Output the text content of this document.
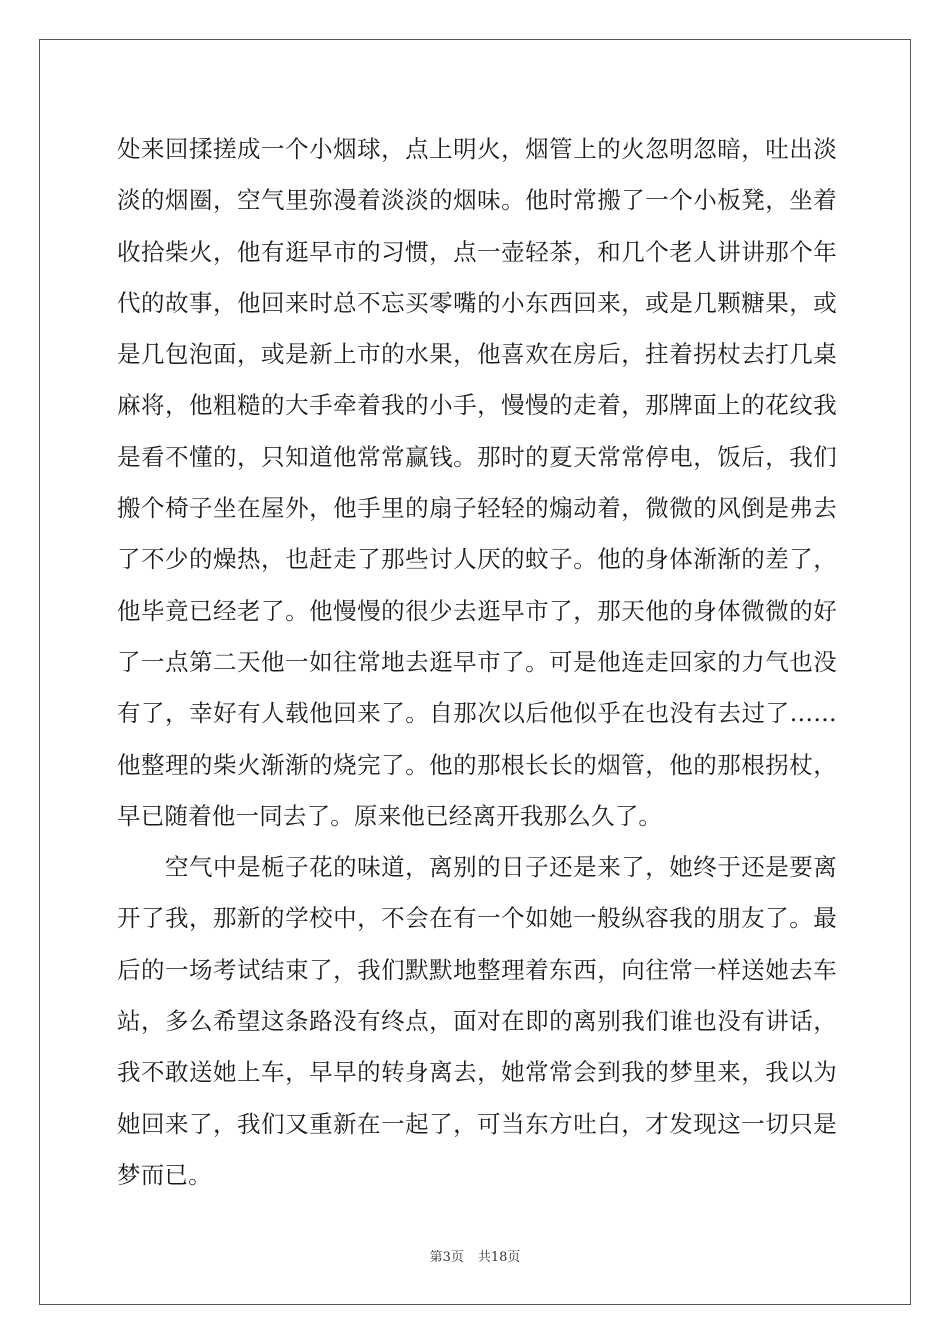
处来回揉搓成一个小烟球，点上明火，烟管上的火忽明忽暗，吐出淡
淡的烟圈，空气里弥漫着淡淡的烟味。他时常搬了一个小板凳，坐着
收拾柴火，他有逛早市的习惯，点一壶轻茶，和几个老人讲讲那个年
代的故事，他回来时总不忘买零嘴的小东西回来，或是几颗糖果，或
是几包泡面，或是新上市的水果，他喜欢在房后，拄着拐杖去打几桌
麻将，他粗糙的大手牵着我的小手，慢慢的走着，那牌面上的花纹我
是看不懂的，只知道他常常赢钱。那时的夏天常常停电，饭后，我们
搬个椅子坐在屋外，他手里的扇子轻轻的煽动着，微微的风倒是弗去
了不少的燥热，也赶走了那些讨人厌的蚊子。他的身体渐渐的差了，
他毕竟已经老了。他慢慢的很少去逛早市了，那天他的身体微微的好
了一点第二天他一如往常地去逛早市了。可是他连走回家的力气也没
有了，幸好有人载他回来了。自那次以后他似乎在也没有去过了……
他整理的柴火渐渐的烧完了。他的那根长长的烟管，他的那根拐杖，
早已随着他一同去了。原来他已经离开我那么久了。
空气中是栀子花的味道，离别的日子还是来了，她终于还是要离
开了我，那新的学校中，不会在有一个如她一般纵容我的朋友了。最
后的一场考试结束了，我们默默地整理着东西，向往常一样送她去车
站，多么希望这条路没有终点，面对在即的离别我们谁也没有讲话，
我不敢送她上车，早早的转身离去，她常常会到我的梦里来，我以为
她回来了，我们又重新在一起了，可当东方吐白，才发现这一切只是
梦而已。
第3页 共18页
